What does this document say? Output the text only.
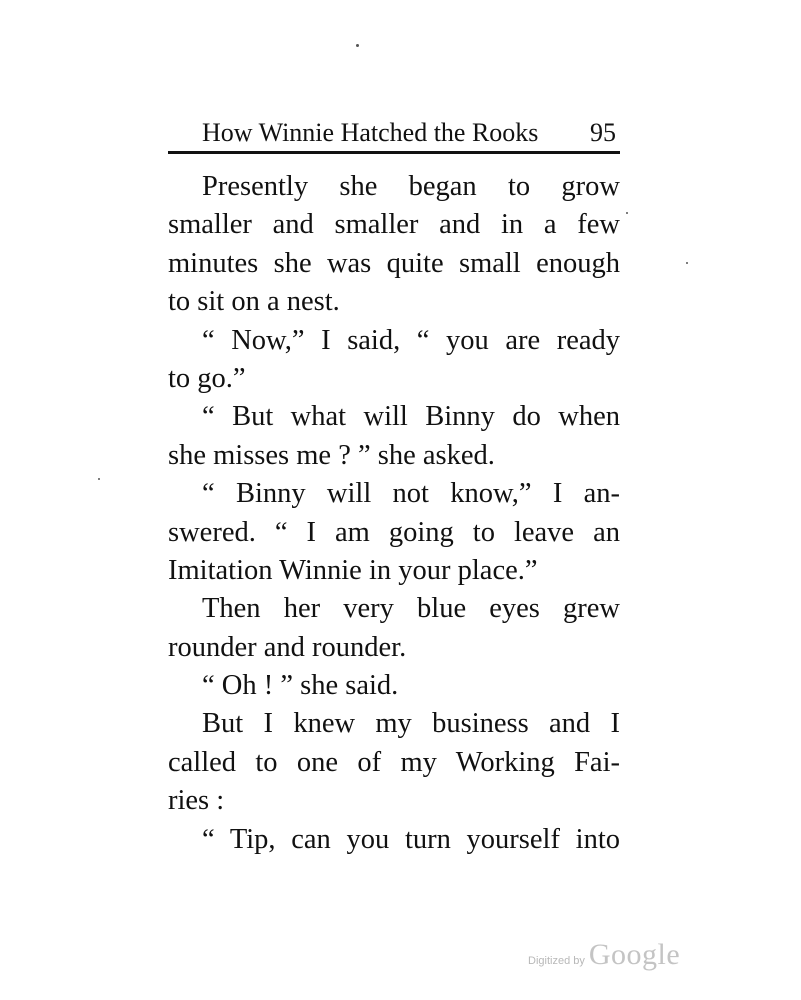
How Winnie Hatched the Rooks 95
Presently she began to grow
smaller and smaller and in a few
minutes she was quite small enough
to sit on a nest.
“ Now,” I said, “ you are ready
to go.”
“ But what will Binny do when
she misses me ? ” she asked.
“ Binny will not know,” I an-
swered. “ I am going to leave an
Imitation Winnie in your place.”
Then her very blue eyes grew
rounder and rounder.
“ Oh ! ” she said.
But I knew my business and I
called to one of my Working Fai-
ries :
“ Tip, can you turn yourself into
Digitized by Google
